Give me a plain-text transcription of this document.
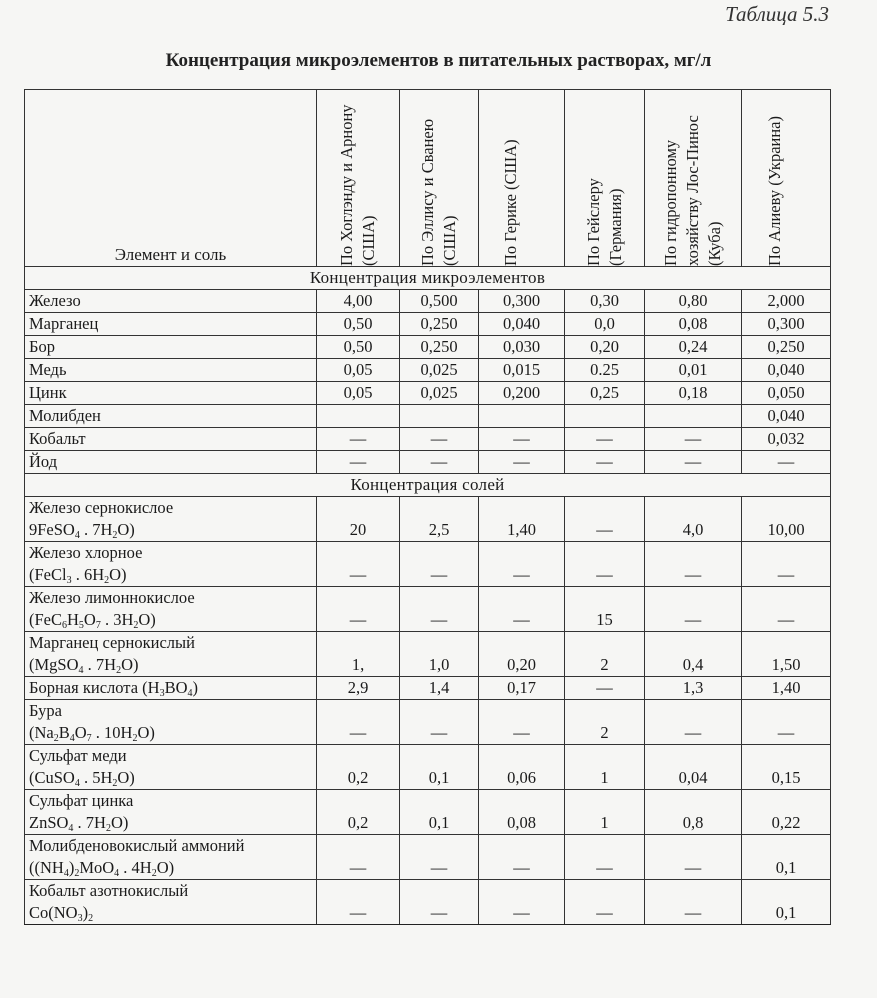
Таблица 5.3
Концентрация микроэлементов в питательных растворах, мг/л
Элемент и соль	По Хоглэнду и Арнону (США)	По Эллису и Сванею (США)	По Герике (США)	По Гейслеру (Германия)	По гидропонному хозяйству Лос-Пинос (Куба)	По Алиеву (Украина)

Концентрация микроэлементов						
Железо	4,00	0,500	0,300	0,30	0,80	2,000
Марганец	0,50	0,250	0,040	0,0	0,08	0,300
Бор	0,50	0,250	0,030	0,20	0,24	0,250
Медь	0,05	0,025	0,015	0.25	0,01	0,040
Цинк	0,05	0,025	0,200	0,25	0,18	0,050
Молибден						0,040
Кобальт	—	—	—	—	—	0,032
Йод	—	—	—	—	—	—
Концентрация солей						

Железо сернокислое
9FeSO$_4$ . $7H_2O$)	20	2,5	1,40	—	4,0	10,00

Железо хлорное
(FeCl$_3$ . $6H_2O$)	—	—	—	—	—	—

Железо лимоннокислое
($FeC_6H_5O_7$ . $3H_2O$)	—	—	—	15	—	—

Марганец сернокислый
(MgSO$_4$ . $7H_2O$)	1,	1,0	0,20	2	0,4	1,50

Борная кислота $(H_3BO_4)$	2,9	1,4	0,17	—	1,3	1,40

Бура
($Na_2B_4O_7$ . $10H_2O$)	—	—	—	2	—	—

Сульфат меди
(CuSO$_4$ . $5H_2O$)	0,2	0,1	0,06	1	0,04	0,15

Сульфат цинка
ZnSO$_4$ . $7H_2O$)	0,2	0,1	0,08	1	0,8	0,22

Молибденовокислый аммоний
($(NH_4)_2MoO_4$ . $4H_2O$)	—	—	—	—	—	0,1

Кобальт азотнокислый
$Co(NO_3)_2$	—	—	—	—	—	0,1
